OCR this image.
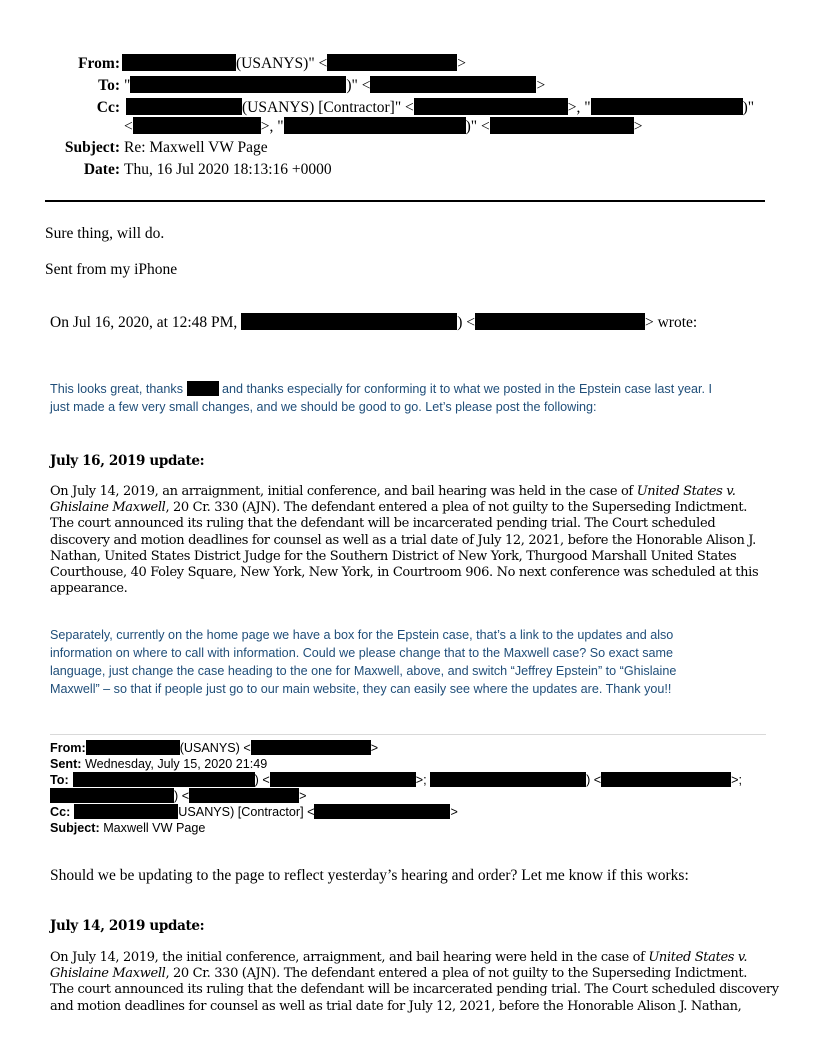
From:	(USANYS)" <	>
To: "	)" <	>
Cc:	(USANYS) [Contractor]" <	>, "	)"
<	>, "	)" <	>
Subject: Re: Maxwell VW Page
Date: Thu, 16 Jul 2020 18:13:16 +0000
Sure thing, will do.
Sent from my iPhone
On Jul 16, 2020, at 12:48 PM,	) <	> wrote:
This looks great, thanks	and thanks especially for conforming it to what we posted in the Epstein case last year. I
just made a few very small changes, and we should be good to go. Let’s please post the following:
July 16, 2019 update:
On July 14, 2019, an arraignment, initial conference, and bail hearing was held in the case of United States v.
Ghislaine Maxwell, 20 Cr. 330 (AJN). The defendant entered a plea of not guilty to the Superseding Indictment.
The court announced its ruling that the defendant will be incarcerated pending trial. The Court scheduled
discovery and motion deadlines for counsel as well as a trial date of July 12, 2021, before the Honorable Alison J.
Nathan, United States District Judge for the Southern District of New York, Thurgood Marshall United States
Courthouse, 40 Foley Square, New York, New York, in Courtroom 906. No next conference was scheduled at this
appearance.
Separately, currently on the home page we have a box for the Epstein case, that’s a link to the updates and also
information on where to call with information. Could we please change that to the Maxwell case? So exact same
language, just change the case heading to the one for Maxwell, above, and switch “Jeffrey Epstein” to “Ghislaine
Maxwell” – so that if people just go to our main website, they can easily see where the updates are. Thank you!!
From:	(USANYS) <	>
Sent: Wednesday, July 15, 2020 21:49
To:	) <	>;	) <	>;
) <	>
Cc:	USANYS) [Contractor] <	>
Subject: Maxwell VW Page
Should we be updating to the page to reflect yesterday’s hearing and order? Let me know if this works:
July 14, 2019 update:
On July 14, 2019, the initial conference, arraignment, and bail hearing were held in the case of United States v.
Ghislaine Maxwell, 20 Cr. 330 (AJN). The defendant entered a plea of not guilty to the Superseding Indictment.
The court announced its ruling that the defendant will be incarcerated pending trial. The Court scheduled discovery
and motion deadlines for counsel as well as trial date for July 12, 2021, before the Honorable Alison J. Nathan,
